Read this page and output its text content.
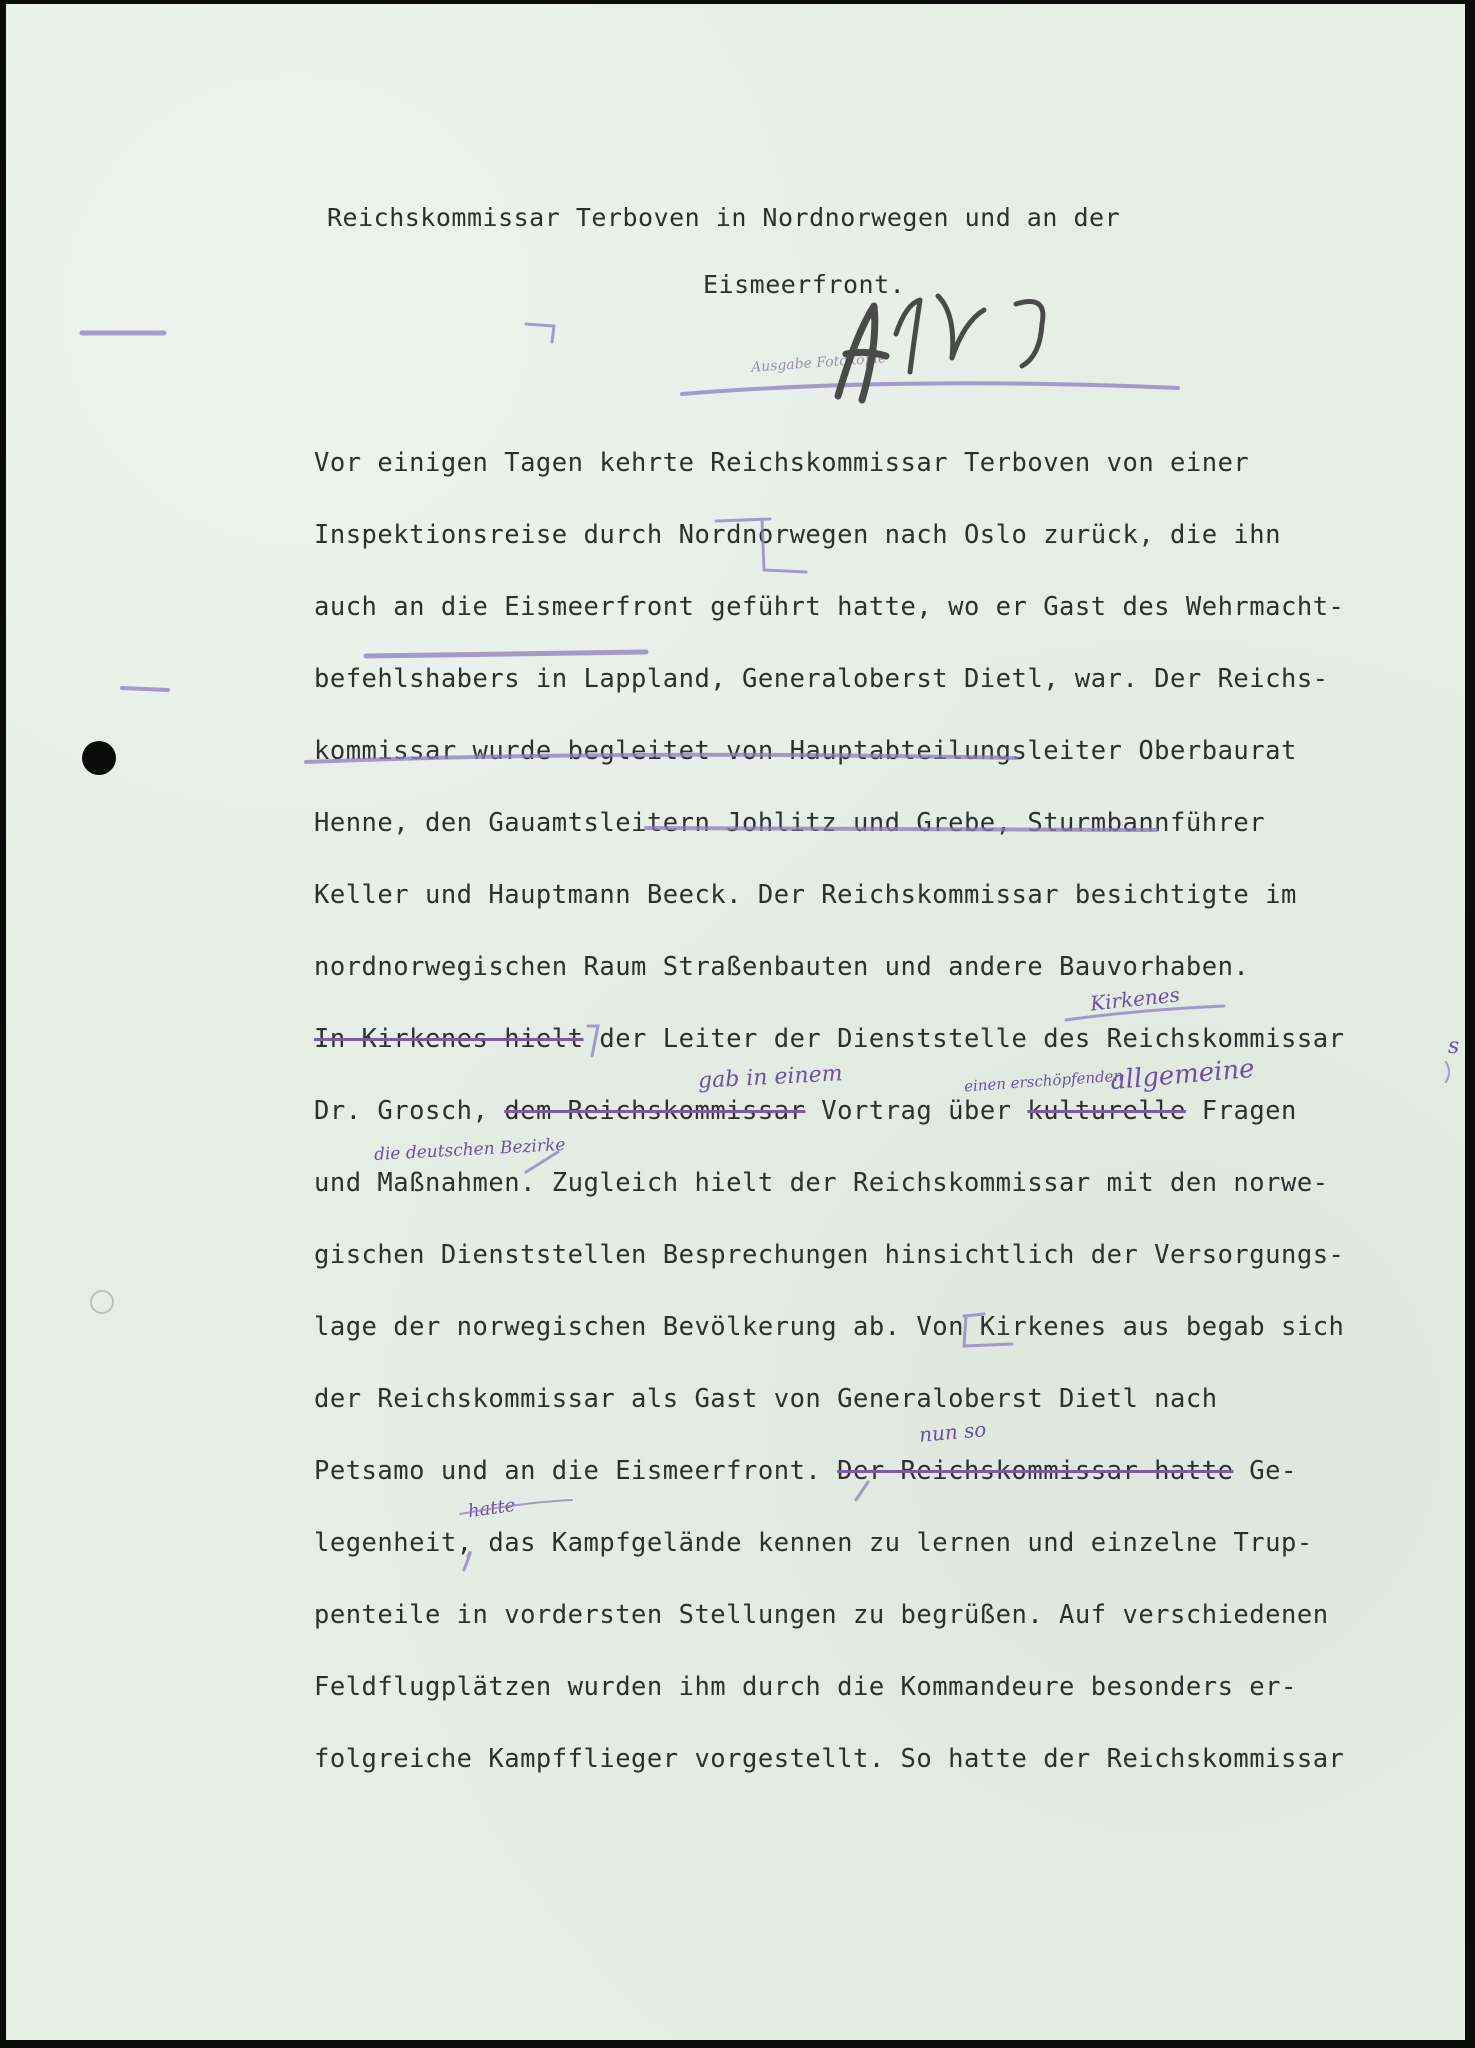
Reichskommissar Terboven in Nordnorwegen und an der
Eismeerfront.
Vor einigen Tagen kehrte Reichskommissar Terboven von einer
Inspektionsreise durch Nordnorwegen nach Oslo zurück, die ihn
auch an die Eismeerfront geführt hatte, wo er Gast des Wehrmacht-
befehlshabers in Lappland, Generaloberst Dietl, war. Der Reichs-
kommissar wurde begleitet von Hauptabteilungsleiter Oberbaurat
Henne, den Gauamtsleitern Johlitz und Grebe, Sturmbannführer
Keller und Hauptmann Beeck. Der Reichskommissar besichtigte im
nordnorwegischen Raum Straßenbauten und andere Bauvorhaben.
In Kirkenes hielt der Leiter der Dienststelle des Reichskommissar
Dr. Grosch, dem Reichskommissar Vortrag über kulturelle Fragen
und Maßnahmen. Zugleich hielt der Reichskommissar mit den norwe-
gischen Dienststellen Besprechungen hinsichtlich der Versorgungs-
lage der norwegischen Bevölkerung ab. Von Kirkenes aus begab sich
der Reichskommissar als Gast von Generaloberst Dietl nach
Petsamo und an die Eismeerfront. Der Reichskommissar hatte Ge-
legenheit, das Kampfgelände kennen zu lernen und einzelne Trup-
penteile in vordersten Stellungen zu begrüßen. Auf verschiedenen
Feldflugplätzen wurden ihm durch die Kommandeure besonders er-
folgreiche Kampfflieger vorgestellt. So hatte der Reichskommissar
Kirkenes
s
gab in einem	einen erschöpfenden
allgemeine
die deutschen Bezirke
nun so
hatte
Ausgabe Fotokopie
